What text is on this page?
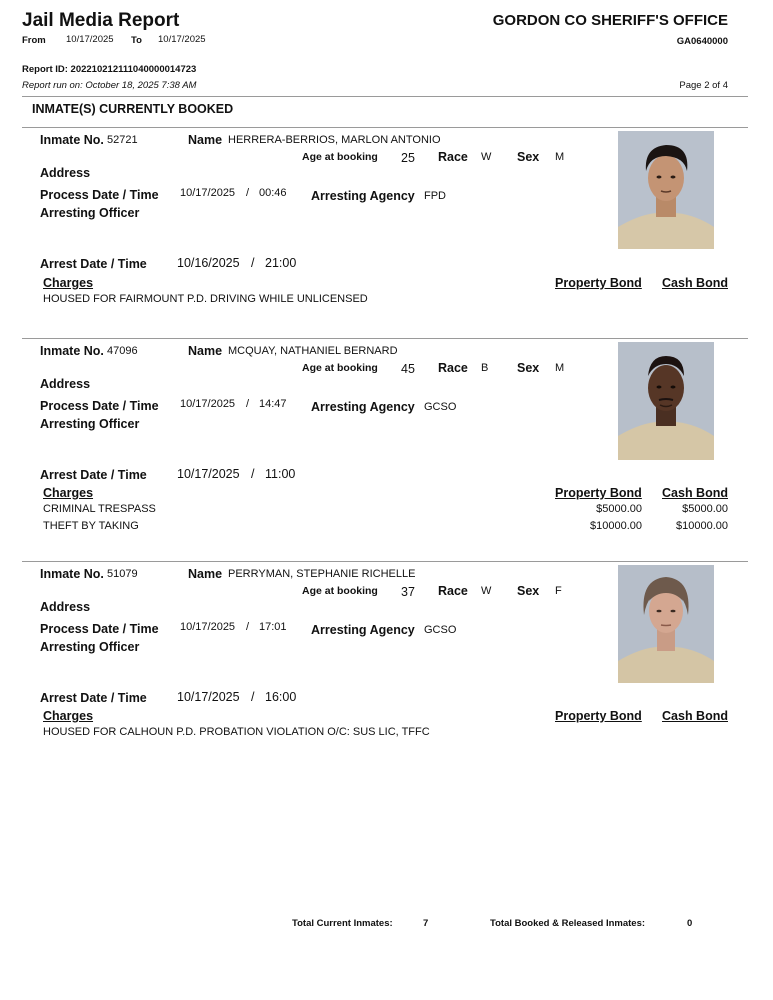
Jail Media Report	GORDON CO SHERIFF'S OFFICE
From 10/17/2025 To 10/17/2025	GA0640000
Report ID: 202210212111040000014723
Report run on: October 18, 2025 7:38 AM	Page 2 of 4
INMATE(S) CURRENTLY BOOKED
Inmate No. 52721	Name HERRERA-BERRIOS, MARLON ANTONIO
Age at booking 25 Race W Sex M
Address
Process Date / Time 10/17/2025 / 00:46 Arresting Agency FPD
Arresting Officer
Arrest Date / Time 10/16/2025 / 21:00
Charges	Property Bond Cash Bond
HOUSED FOR FAIRMOUNT P.D. DRIVING WHILE UNLICENSED
Inmate No. 47096	Name MCQUAY, NATHANIEL BERNARD
Age at booking 45 Race B Sex M
Address
Process Date / Time 10/17/2025 / 14:47 Arresting Agency GCSO
Arresting Officer
Arrest Date / Time 10/17/2025 / 11:00
Charges	Property Bond Cash Bond
CRIMINAL TRESPASS	$5000.00	$5000.00
THEFT BY TAKING	$10000.00	$10000.00
Inmate No. 51079	Name PERRYMAN, STEPHANIE RICHELLE
Age at booking 37 Race W Sex F
Address
Process Date / Time 10/17/2025 / 17:01 Arresting Agency GCSO
Arresting Officer
Arrest Date / Time 10/17/2025 / 16:00
Charges	Property Bond Cash Bond
HOUSED FOR CALHOUN P.D. PROBATION VIOLATION O/C: SUS LIC, TFFC
Total Current Inmates:	7	Total Booked & Released Inmates:	0
